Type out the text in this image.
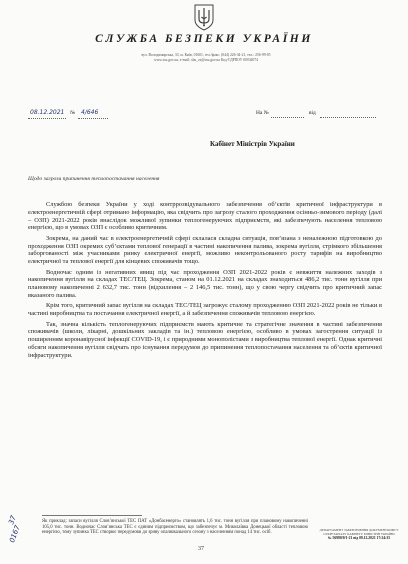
СЛУЖБА БЕЗПЕКИ УКРАЇНИ
вул. Володимирська, 33, м. Київ, 01601, тел./факс: (044) 226-34-21, тел.: 256-99-05
www.ssu.gov.ua, e-mail: sbu_zs@ssu.gov.ua Код ЄДРПОУ 00034074
08.12.2021 № 4/646	На №	від
Кабінет Міністрів України
Щодо загрози припинення теплопостачання населення

Службою безпеки України у ході контррозвідувального забезпечення об’єктів критичної інфраструктури в електроенергетичній сфері отримано інформацію, яка свідчить про загрозу сталого проходження осінньо-зимового періоду (далі – ОЗП) 2021-2022 років внаслідок можливої зупинки теплогенеруючих підприємств, які забезпечують населення тепловою енергією, що в умовах ОЗП є особливо критичним.

Зокрема, на даний час в електроенергетичній сфері склалася складна ситуація, пов’язана з неналежною підготовкою до проходження ОЗП окремих суб’єктами теплової генерації в частині накопичення палива, зокрема вугілля, стрімкого збільшення заборгованості між учасниками ринку електричної енергії, можливо неконтрольованого росту тарифів на виробництво електричної та теплової енергії для кінцевих споживачів тощо.

Водночас одним із негативних явищ під час проходження ОЗП 2021-2022 років є невжиття належних заходів з накопичення вугілля на складах ТЕС/ТЕЦ. Зокрема, станом на 01.12.2021 на складах знаходиться 486,2 тис. тонн вугілля при плановому накопиченні 2 632,7 тис. тонн (відхилення – 2 146,5 тис. тонн), що у свою чергу свідчить про критичний запас вказаного палива.

Крім того, критичний запас вугілля на складах ТЕС/ТЕЦ загрожує сталому проходженню ОЗП 2021-2022 років не тільки в частині виробництва та постачання електричної енергії, а й забезпечення споживачів тепловою енергією.

Так, значна кількість теплогенеруючих підприємств мають критичне та стратегічне значення в частині забезпечення споживачів (школи, лікарні, дошкільних закладів та ін.) тепловою енергією, особливо в умовах загострення ситуації із поширенням коронавірусної інфекції COVID-19, і є природними монополістами з виробництва теплової енергії. Однак критичні обсяги накопичення вугілля свідчать про існування передумов до припинення теплопостачання населення та об’єктів критичної інфраструктури.

Як приклад: запаси вугілля Слов’янської ТЕС ПАТ «Донбасенерго» становлять 1,6 тис. тонн вугілля при плановому накопиченні 105,0 тис. тонн. Водночас Слов’янська ТЕС є єдиним підприємством, що забезпечує м. Миколаївка Донецької області тепловою енергією, тому зупинка ТЕС створює передумови до зриву опалювального сезону з населенням понад 14 тис. осіб.
37
0167
37
ДЕПАРТАМЕНТ ЗАБЕЗПЕЧЕННЯ ДОКУМЕНТООБІГУ
СЕКРЕТАРІАТУ КАБІНЕТУ МІНІСТРІВ УКРАЇНИ
№ 56980/0/1-21 від 09.12.2021 17:24:35
